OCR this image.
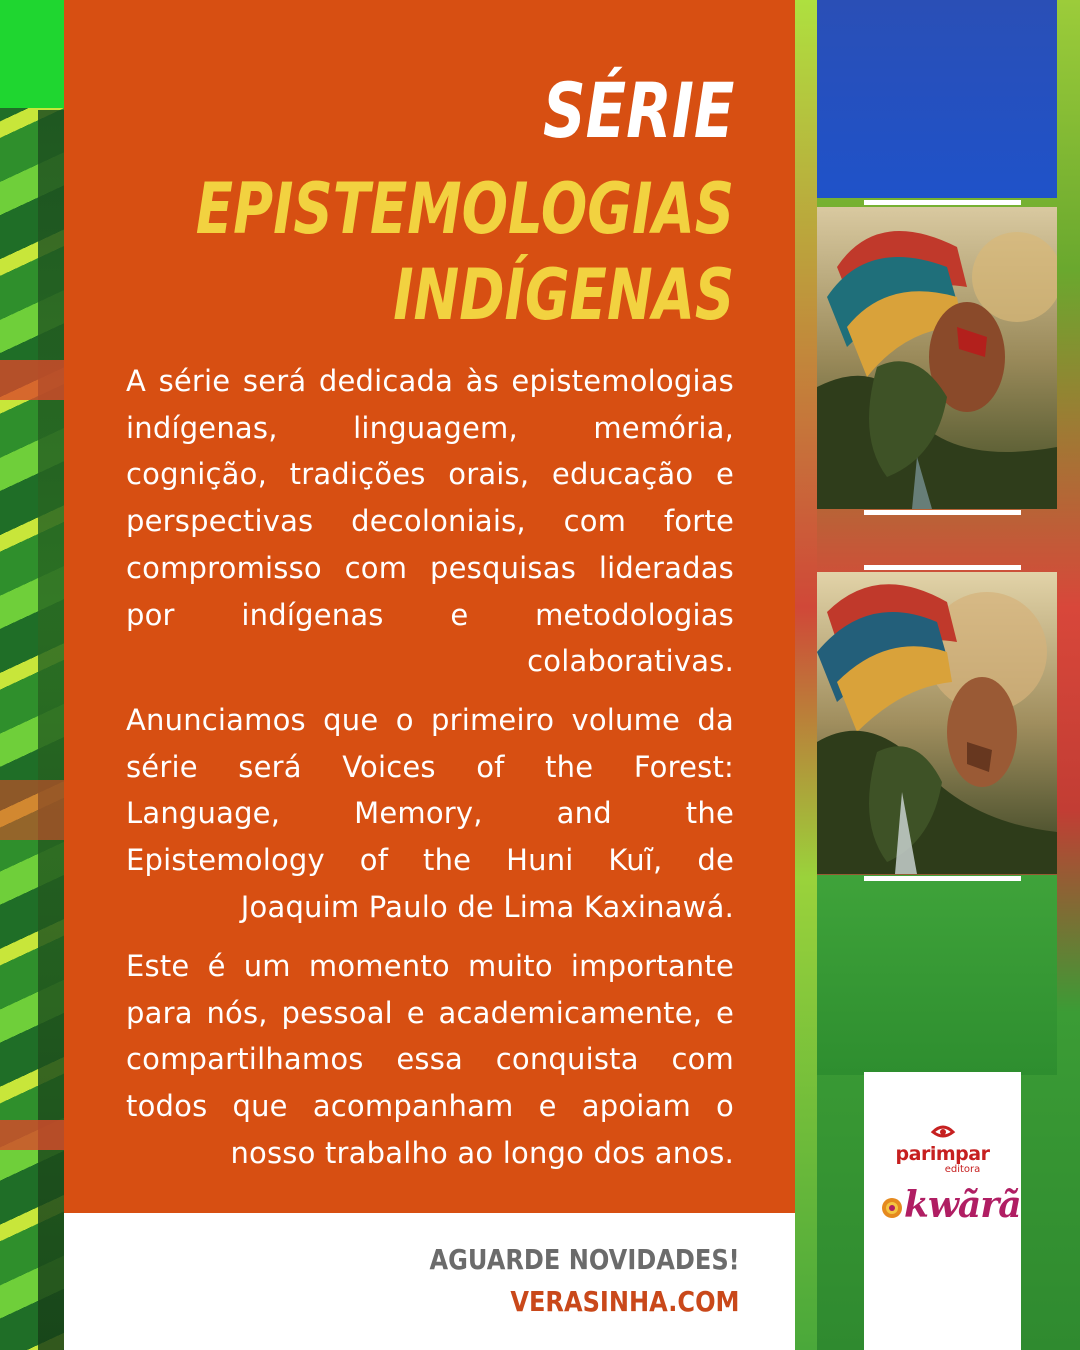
SÉRIE
EPISTEMOLOGIAS
INDÍGENAS

A série será dedicada às epistemologias indígenas, linguagem, memória, cognição, tradições orais, educação e perspectivas decoloniais, com forte compromisso com pesquisas lideradas por indígenas e metodologias colaborativas.

Anunciamos que o primeiro volume da série será Voices of the Forest: Language, Memory, and the Epistemology of the Huni Kuĩ, de Joaquim Paulo de Lima Kaxinawá.

Este é um momento muito importante para nós, pessoal e academicamente, e compartilhamos essa conquista com todos que acompanham e apoiam o nosso trabalho ao longo dos anos.

AGUARDE NOVIDADES!
VERASINHA.COM
parimpar
editora
kwãrã
